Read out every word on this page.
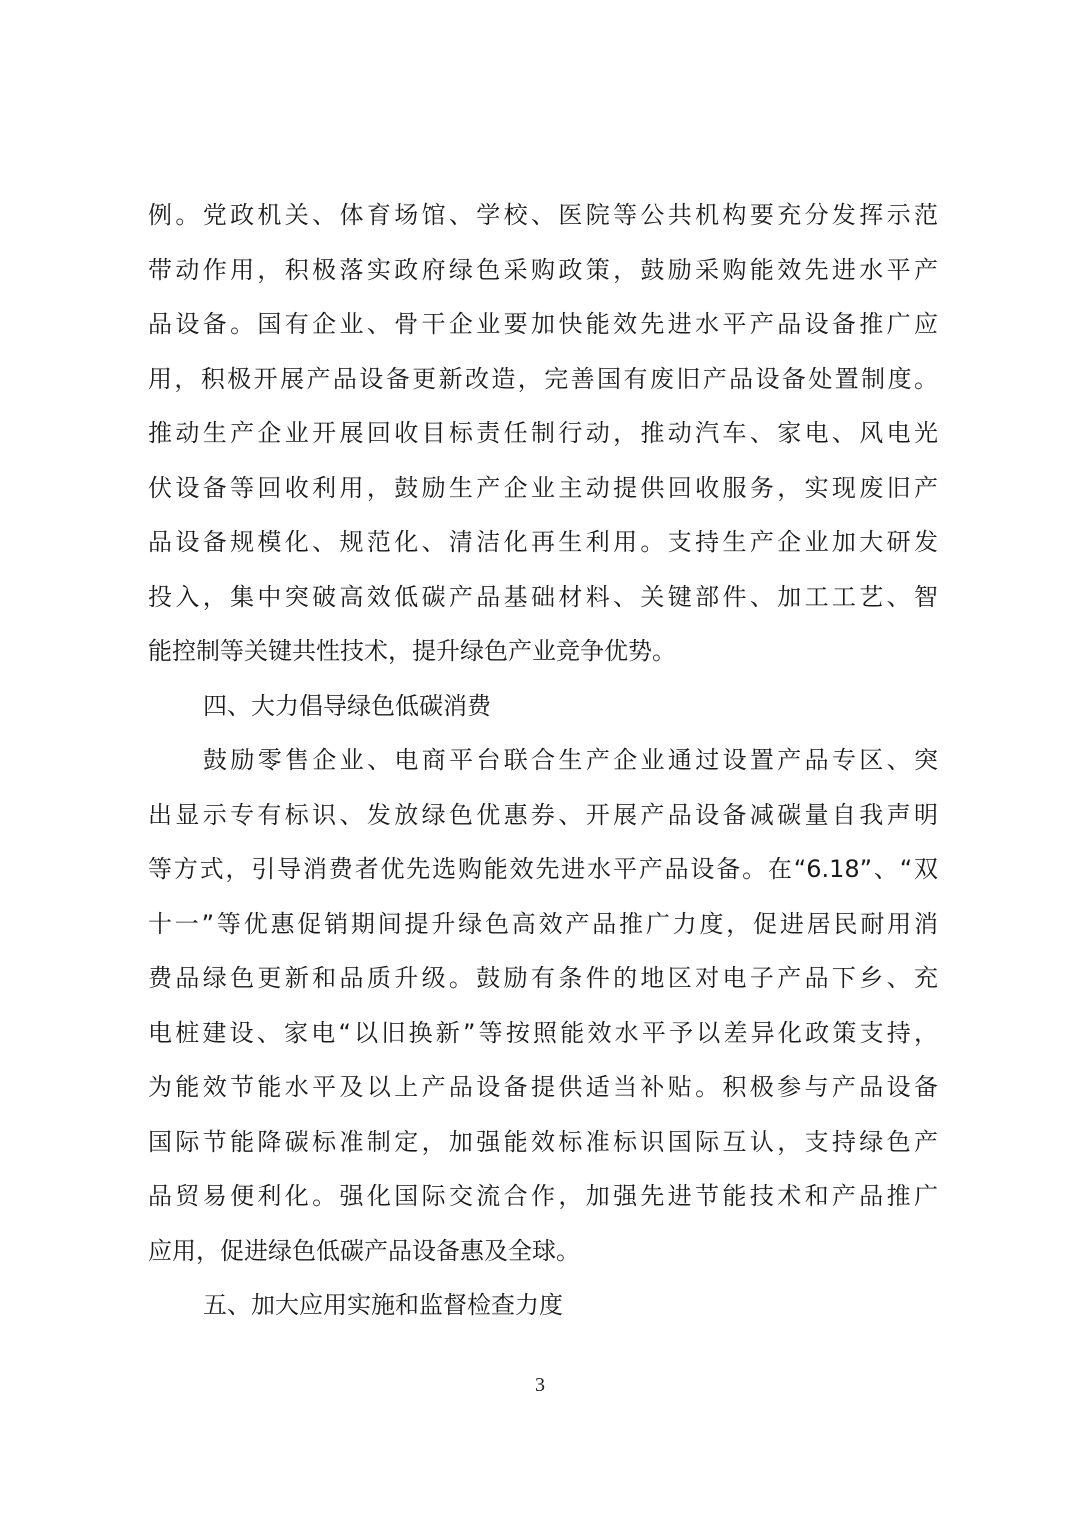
例。党政机关、体育场馆、学校、医院等公共机构要充分发挥示范
带动作用，积极落实政府绿色采购政策，鼓励采购能效先进水平产
品设备。国有企业、骨干企业要加快能效先进水平产品设备推广应
用，积极开展产品设备更新改造，完善国有废旧产品设备处置制度。
推动生产企业开展回收目标责任制行动，推动汽车、家电、风电光
伏设备等回收利用，鼓励生产企业主动提供回收服务，实现废旧产
品设备规模化、规范化、清洁化再生利用。支持生产企业加大研发
投入，集中突破高效低碳产品基础材料、关键部件、加工工艺、智
能控制等关键共性技术，提升绿色产业竞争优势。
四、大力倡导绿色低碳消费
鼓励零售企业、电商平台联合生产企业通过设置产品专区、突
出显示专有标识、发放绿色优惠券、开展产品设备减碳量自我声明
等方式，引导消费者优先选购能效先进水平产品设备。在“6.18”、“双
十一”等优惠促销期间提升绿色高效产品推广力度，促进居民耐用消
费品绿色更新和品质升级。鼓励有条件的地区对电子产品下乡、充
电桩建设、家电“以旧换新”等按照能效水平予以差异化政策支持，
为能效节能水平及以上产品设备提供适当补贴。积极参与产品设备
国际节能降碳标准制定，加强能效标准标识国际互认，支持绿色产
品贸易便利化。强化国际交流合作，加强先进节能技术和产品推广
应用，促进绿色低碳产品设备惠及全球。
五、加大应用实施和监督检查力度
3
